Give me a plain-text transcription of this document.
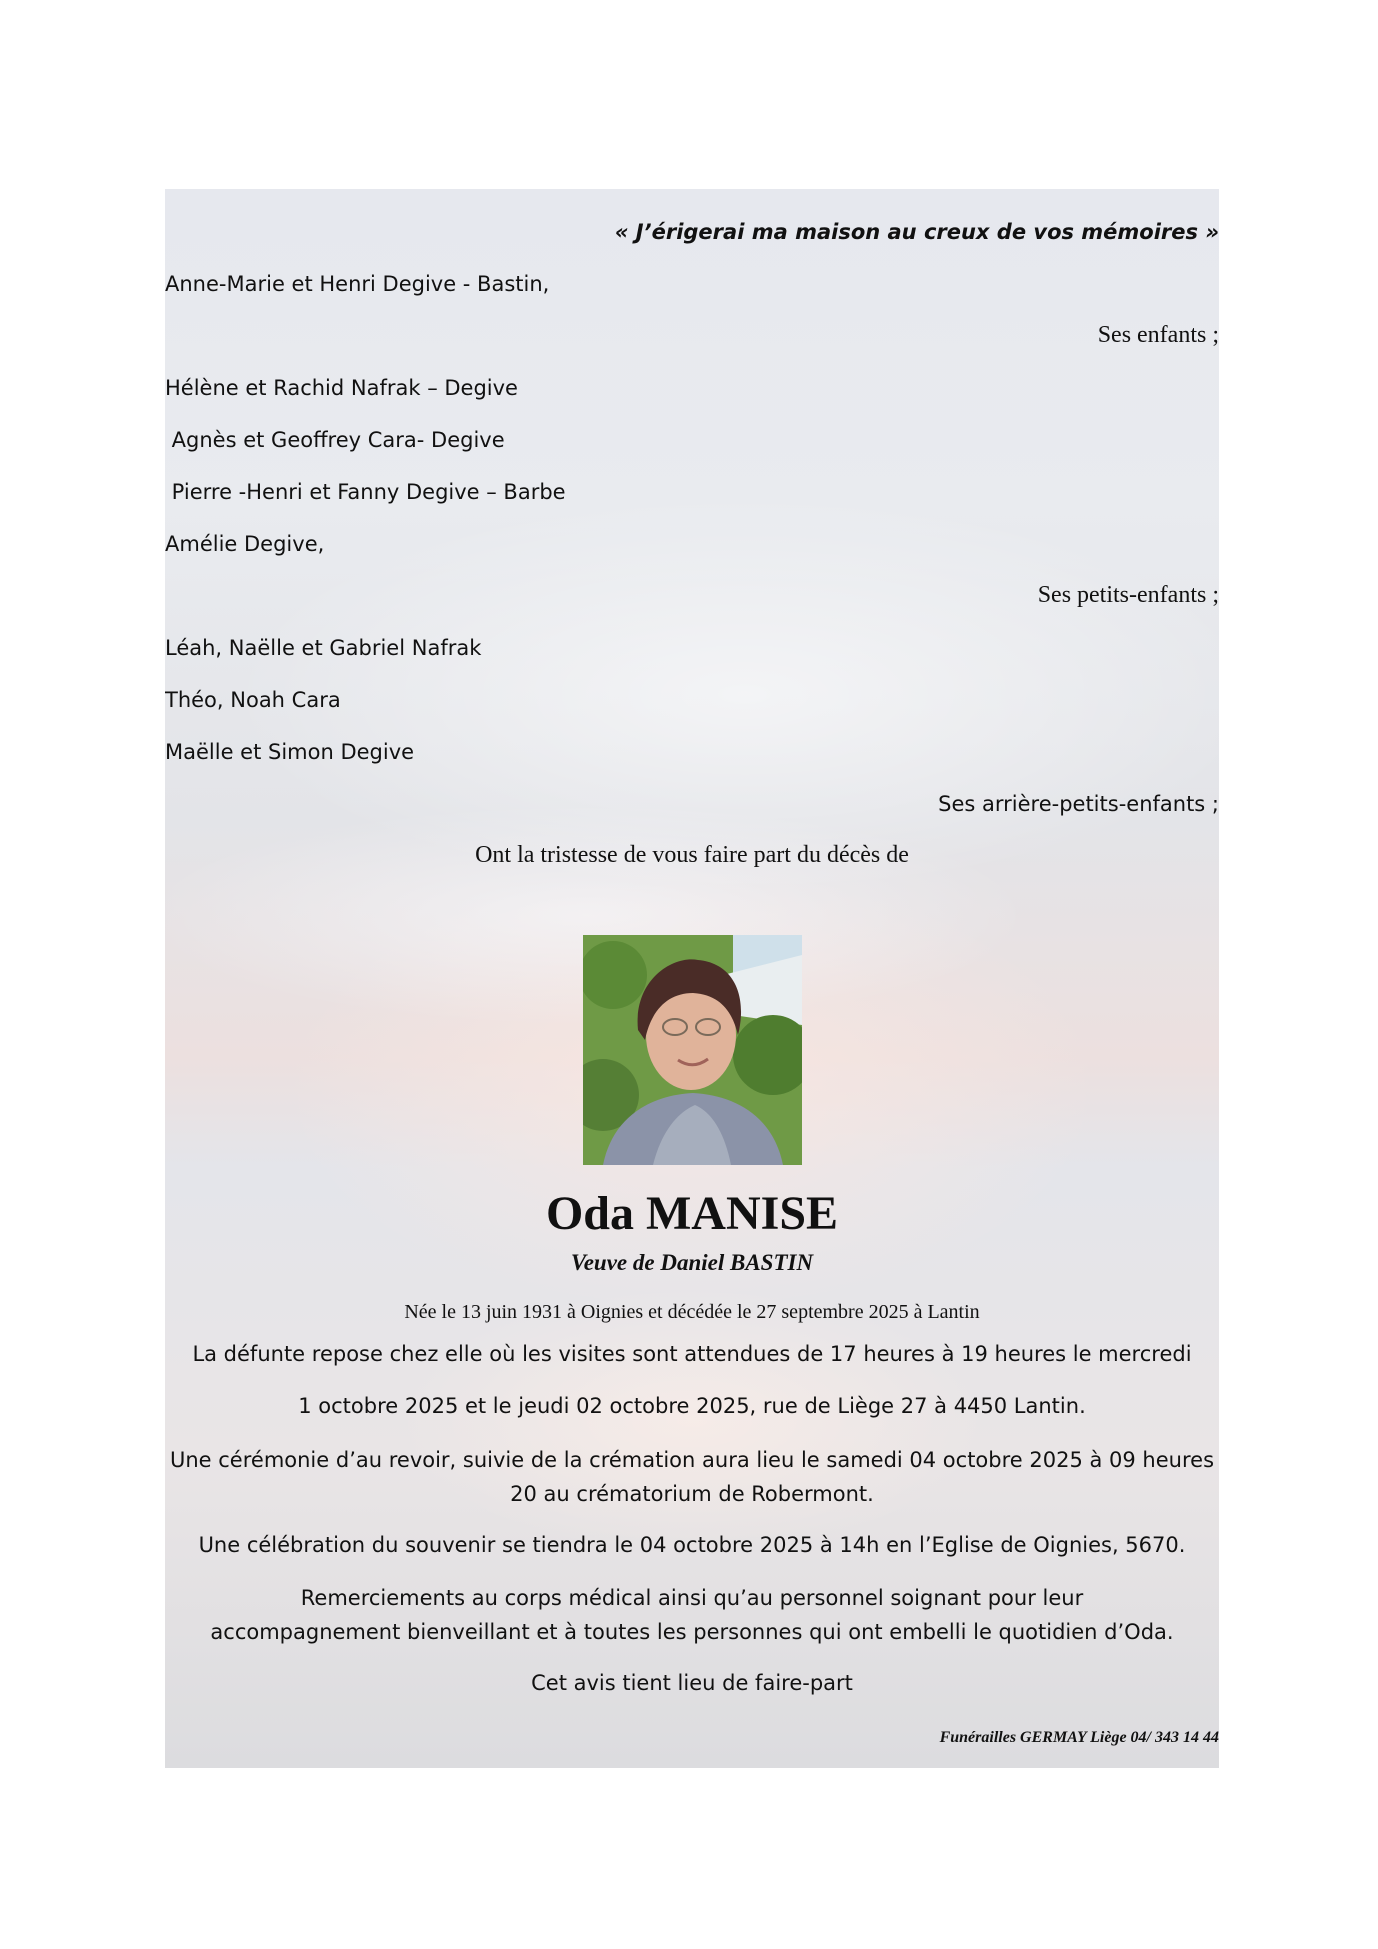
« J’érigerai ma maison au creux de vos mémoires »
Anne-Marie et Henri Degive - Bastin,
Ses enfants ;
Hélène et Rachid Nafrak – Degive
Agnès et Geoffrey Cara- Degive
Pierre -Henri et Fanny Degive – Barbe
Amélie Degive,
Ses petits-enfants ;
Léah, Naëlle et Gabriel Nafrak
Théo, Noah Cara
Maëlle et Simon Degive
Ses arrière-petits-enfants ;
Ont la tristesse de vous faire part du décès de
Oda MANISE
Veuve de Daniel BASTIN
Née le 13 juin 1931 à Oignies et décédée le 27 septembre 2025 à Lantin
La défunte repose chez elle où les visites sont attendues de 17 heures à 19 heures le mercredi
1 octobre 2025 et le jeudi 02 octobre 2025, rue de Liège 27 à 4450 Lantin.
Une cérémonie d’au revoir, suivie de la crémation aura lieu le samedi 04 octobre 2025 à 09 heures 20 au crématorium de Robermont.
Une célébration du souvenir se tiendra le 04 octobre 2025 à 14h en l’Eglise de Oignies, 5670.
Remerciements au corps médical ainsi qu’au personnel soignant pour leur accompagnement bienveillant et à toutes les personnes qui ont embelli le quotidien d’Oda.
Cet avis tient lieu de faire-part
Funérailles GERMAY Liège 04/ 343 14 44
